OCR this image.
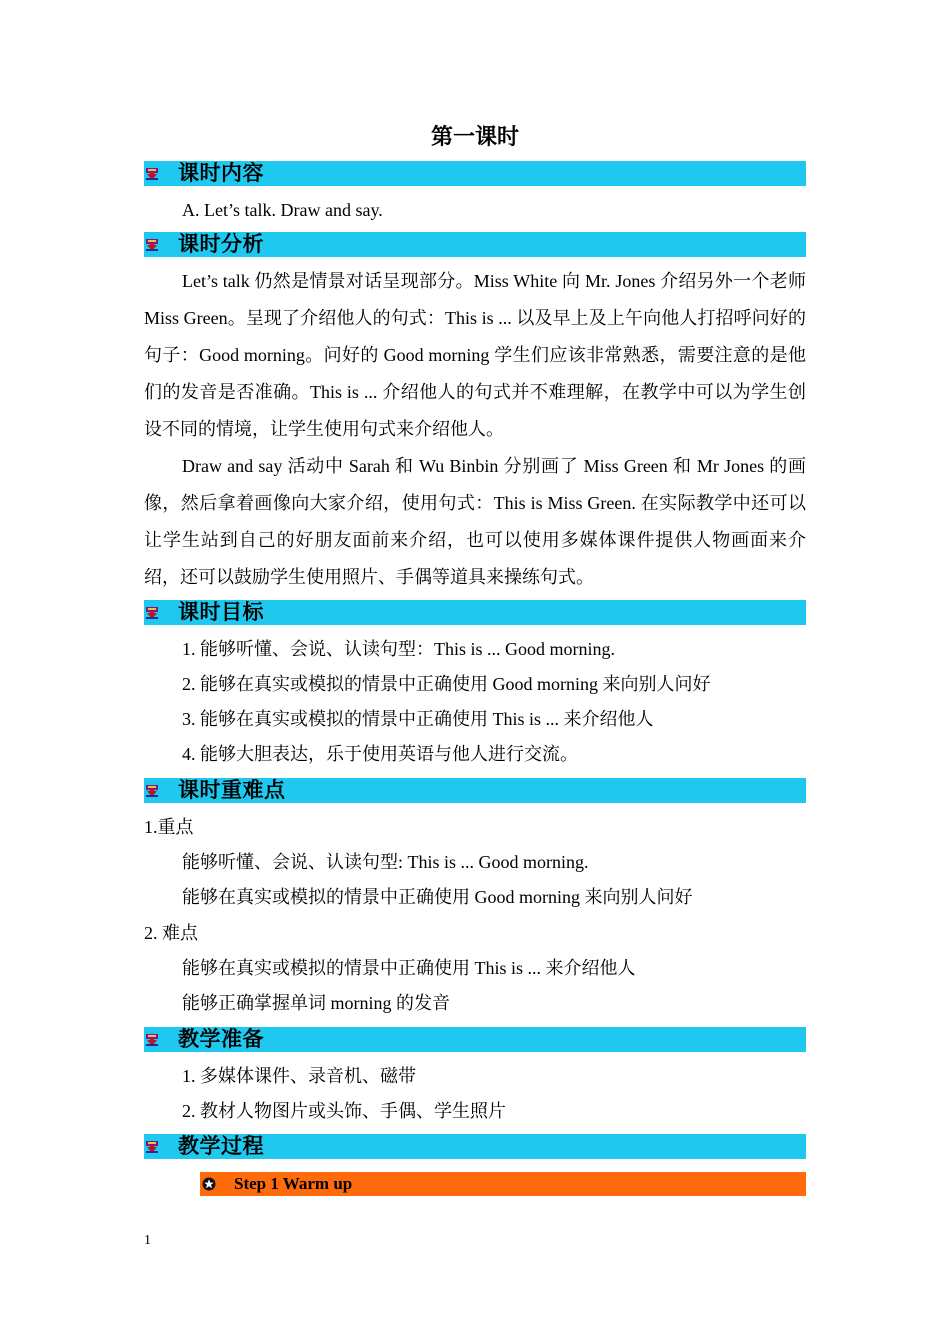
第一课时
课时内容
A. Let’s talk. Draw and say.
课时分析
Let’s talk 仍然是情景对话呈现部分。Miss White 向 Mr. Jones 介绍另外一个老师 Miss Green。呈现了介绍他人的句式：This is ... 以及早上及上午向他人打招呼问好的句子：Good morning。问好的 Good morning 学生们应该非常熟悉，需要注意的是他们的发音是否准确。This is ... 介绍他人的句式并不难理解，在教学中可以为学生创设不同的情境，让学生使用句式来介绍他人。
Draw and say 活动中 Sarah 和 Wu Binbin 分别画了 Miss Green 和 Mr Jones 的画像，然后拿着画像向大家介绍，使用句式：This is Miss Green. 在实际教学中还可以让学生站到自己的好朋友面前来介绍，也可以使用多媒体课件提供人物画面来介绍，还可以鼓励学生使用照片、手偶等道具来操练句式。
课时目标
1. 能够听懂、会说、认读句型：This is ... Good morning.
2. 能够在真实或模拟的情景中正确使用 Good morning 来向别人问好
3. 能够在真实或模拟的情景中正确使用 This is ... 来介绍他人
4. 能够大胆表达，乐于使用英语与他人进行交流。
课时重难点
1.重点
能够听懂、会说、认读句型: This is ... Good morning.
能够在真实或模拟的情景中正确使用 Good morning 来向别人问好
2. 难点
能够在真实或模拟的情景中正确使用 This is ... 来介绍他人
能够正确掌握单词 morning 的发音
教学准备
1. 多媒体课件、录音机、磁带
2. 教材人物图片或头饰、手偶、学生照片
教学过程
Step 1 Warm up
1
